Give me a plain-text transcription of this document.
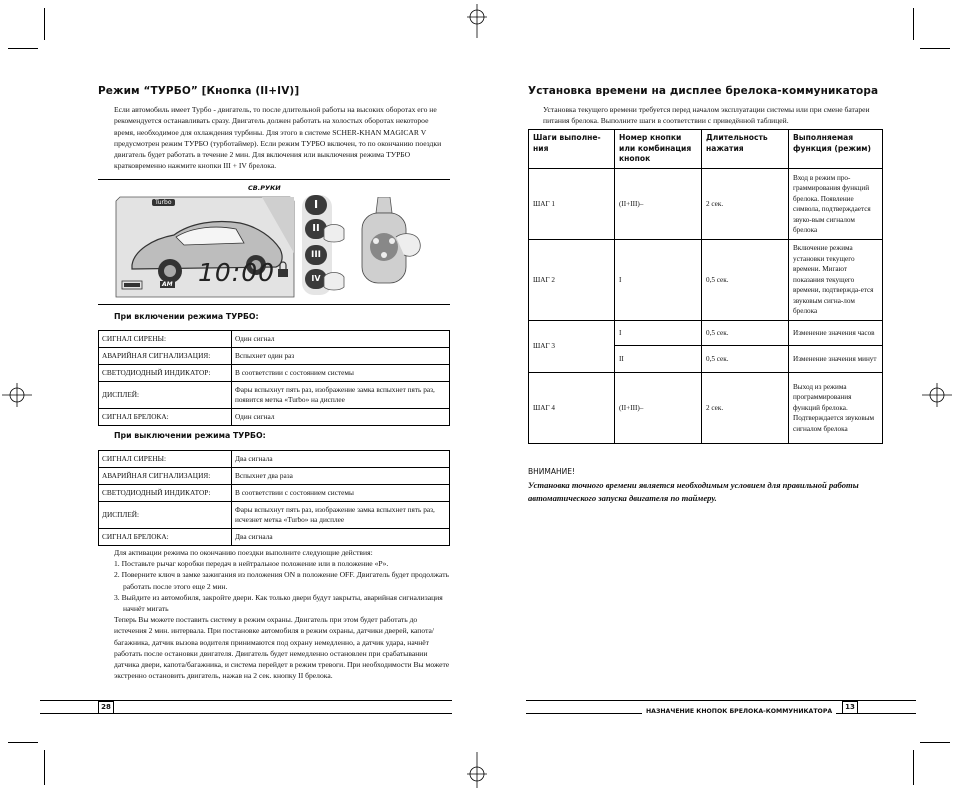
Режим “ТУРБО” [Кнопка (II+IV)]
Если автомобиль имеет Турбо - двигатель, то после длительной работы на высоких оборотах его не рекомендуется останавливать сразу. Двигатель должен работать на холостых оборотах некоторое время, необходимое для охлаждения турбины. Для этого в системе SCHER-KHAN MAGICAR V предусмотрен режим ТУРБО (турботаймер). Если режим ТУРБО включен, то по окончанию поездки двигатель будет работать в течение 2 мин. Для включения или выключения режима ТУРБО кратковременно нажмите кнопки III + IV брелока.
СВ.РУКИ
Turbo
10:00
AM
I
II
III
IV
При включении режима ТУРБО:
СИГНАЛ СИРЕНЫ:	Один сигнал
АВАРИЙНАЯ СИГНАЛИЗАЦИЯ:	Вспыхнет один раз
СВЕТОДИОДНЫЙ ИНДИКАТОР:	В соответствии с состоянием системы
ДИСПЛЕЙ:	Фары вспыхнут пять раз, изображение замка вспыхнет пять раз, появится метка «Turbo» на дисплее
СИГНАЛ БРЕЛОКА:	Один сигнал
При выключении режима ТУРБО:
СИГНАЛ СИРЕНЫ:	Два сигнала
АВАРИЙНАЯ СИГНАЛИЗАЦИЯ:	Вспыхнет два раза
СВЕТОДИОДНЫЙ ИНДИКАТОР:	В соответствии с состоянием системы
ДИСПЛЕЙ:	Фары вспыхнут пять раз, изображение замка вспыхнет пять раз, исчезнет метка «Turbo» на дисплее
СИГНАЛ БРЕЛОКА:	Два сигнала
Для активации режима по окончанию поездки выполните следующие действия:
1. Поставьте рычаг коробки передач в нейтральное положение или в положение «P».
2. Поверните ключ в замке зажигания из положения ON в положение OFF. Двигатель будет продолжать работать после этого еще 2 мин.
3. Выйдите из автомобиля, закройте двери. Как только двери будут закрыты, аварийная сигнализация начнёт мигать
Теперь Вы можете поставить систему в режим охраны. Двигатель при этом будет работать до истечения 2 мин. интервала. При постановке автомобиля в режим охраны, датчики дверей, капота/багажника, датчик вызова водителя принимаются под охрану немедленно, а датчик удара, начнёт работать после остановки двигателя. Двигатель будет немедленно остановлен при срабатывании датчика двери, капота/багажника, и система перейдет в режим тревоги. При необходимости Вы можете экстренно остановить двигатель, нажав на 2 сек. кнопку II брелока.
28
Установка времени на дисплее брелока-коммуникатора
Установка текущего времени требуется перед началом эксплуатации системы или при смене батареи питания брелока. Выполните шаги в соответствии с приведённой таблицей.
Шаги выполне-ния	Номер кнопки или комбинация кнопок	Длительность нажатия	Выполняемая функция (режим)
ШАГ 1	(II+III)–	2 сек.	Вход в режим про-граммирования функций брелока. Появление символа, подтверждается звуко-вым сигналом брелока
ШАГ 2	I	0,5 сек.	Включение режима установки текущего времени. Мигают показания текущего времени, подтвержда-ется звуковым сигна-лом брелока
ШАГ 3	I	0,5 сек.	Изменение значения часов
	II	0,5 сек.	Изменение значения минут
ШАГ 4	(II+III)–	2 сек.	Выход из режима программирования функций брелока. Подтверждается звуковым сигналом брелока
ВНИМАНИЕ!
Установка точного времени является необходимым условием для правильной работы автоматического запуска двигателя по таймеру.
НАЗНАЧЕНИЕ КНОПОК БРЕЛОКА-КОММУНИКАТОРА
13
